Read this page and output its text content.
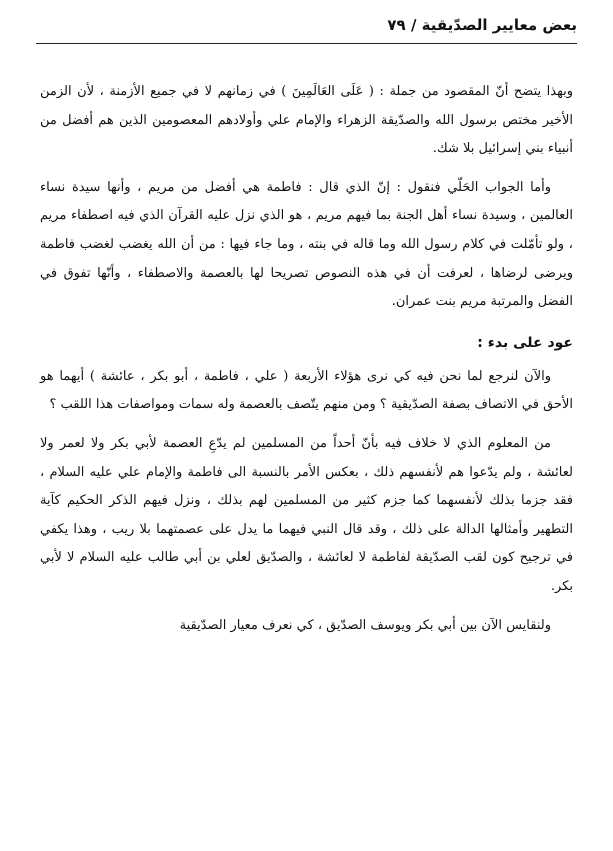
بعض معايير الصدّيقية / ٧٩

وبهذا يتضح أنّ المقصود من جملة : ( عَلَى العَالَمِينَ ) في زمانهم لا في جميع الأزمنة ، لأن الزمن الأخير مختص برسول الله والصدّيقة الزهراء والإمام علي وأولادهم المعصومين الذين هم أفضل من أنبياء بني إسرائيل بلا شك.

وأما الجواب الحَلّي فنقول : إنّ الذي قال : فاطمة هي أفضل من مريم ، وأنها سيدة نساء العالمين ، وسيدة نساء أهل الجنة بما فيهم مريم ، هو الذي نزل عليه القرآن الذي فيه اصطفاء مريم ، ولو تأمّلت في كلام رسول الله وما قاله في بنته ، وما جاء فيها : من أن الله يغضب لغضب فاطمة ويرضى لرضاها ، لعرفت أن في هذه النصوص تصريحا لها بالعصمة والاصطفاء ، وأنّها تفوق في الفضل والمرتبة مريم بنت عمران.

عود على بدء :

والآن لنرجع لما نحن فيه كي نرى هؤلاء الأربعة ( علي ، فاطمة ، أبو بكر ، عائشة ) أيهما هو الأحق في الاتصاف بصفة الصدّيقية ؟ ومن منهم يتّصف بالعصمة وله سمات ومواصفات هذا اللقب ؟

من المعلوم الذي لا خلاف فيه بأنّ أحداً من المسلمين لم يدّعِ العصمة لأبي بكر ولا لعمر ولا لعائشة ، ولم يدّعوا هم لأنفسهم ذلك ، بعكس الأمر بالنسبة الى فاطمة والإمام علي عليه السلام ، فقد جزما بذلك لأنفسهما كما جزم كثير من المسلمين لهم بذلك ، ونزل فيهم الذكر الحكيم كآية التطهير وأمثالها الدالة على ذلك ، وقد قال النبي فيهما ما يدل على عصمتهما بلا ريب ، وهذا يكفي في ترجيح كون لقب الصدّيقة لفاطمة لا لعائشة ، والصدّيق لعلي بن أبي طالب عليه السلام لا لأبي بكر.

ولنقايس الآن بين أبي بكر ويوسف الصدّيق ، كي نعرف معيار الصدّيقية
